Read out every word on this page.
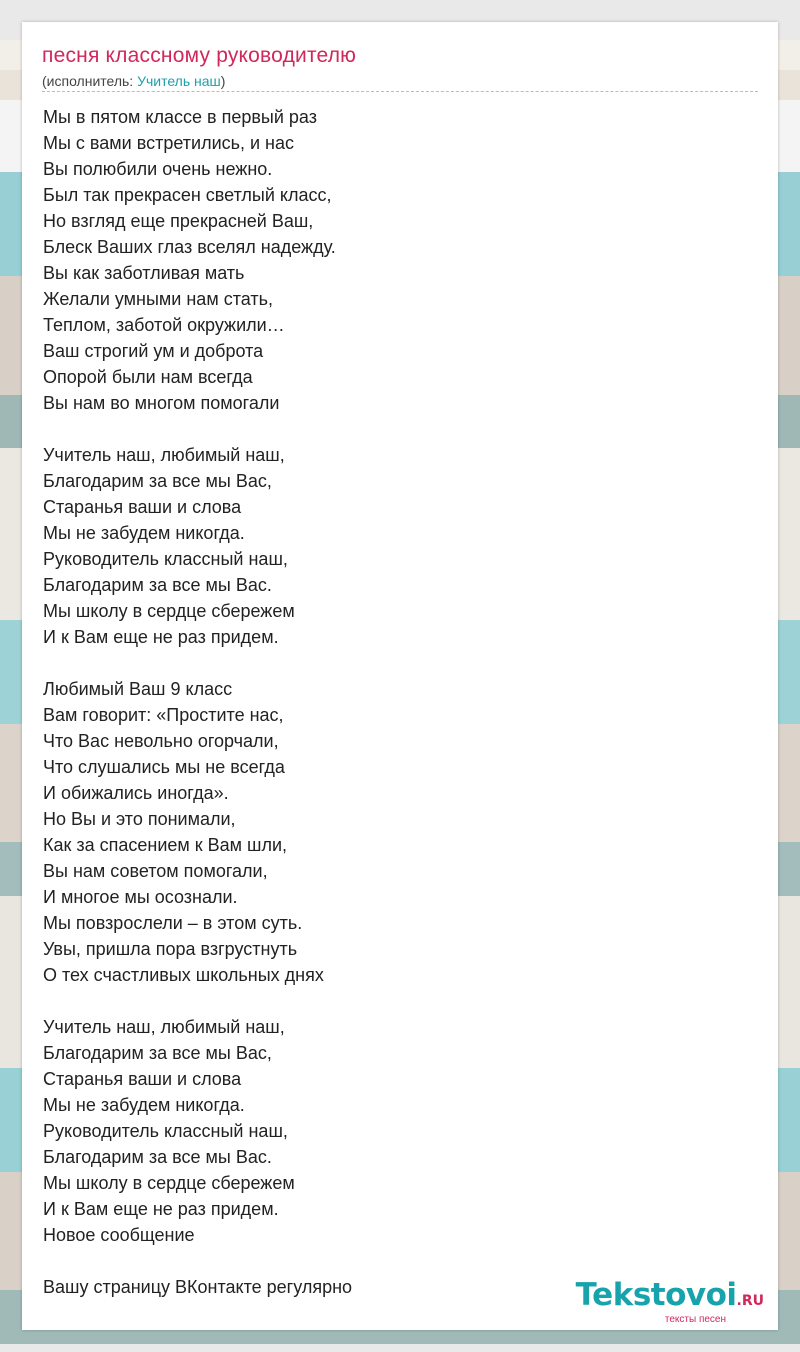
песня классному руководителю
(исполнитель: Учитель наш)
Мы в пятом классе в первый раз
Мы с вами встретились, и нас
Вы полюбили очень нежно.
Был так прекрасен светлый класс,
Но взгляд еще прекрасней Ваш,
Блеск Ваших глаз вселял надежду.
Вы как заботливая мать
Желали умными нам стать,
Теплом, заботой окружили…
Ваш строгий ум и доброта
Опорой были нам всегда
Вы нам во многом помогали
Учитель наш, любимый наш,
Благодарим за все мы Вас,
Старанья ваши и слова
Мы не забудем никогда.
Руководитель классный наш,
Благодарим за все мы Вас.
Мы школу в сердце сбережем
И к Вам еще не раз придем.
Любимый Ваш 9 класс
Вам говорит: «Простите нас,
Что Вас невольно огорчали,
Что слушались мы не всегда
И обижались иногда».
Но Вы и это понимали,
Как за спасением к Вам шли,
Вы нам советом помогали,
И многое мы осознали.
Мы повзрослели – в этом суть.
Увы, пришла пора взгрустнуть
О тех счастливых школьных днях
Учитель наш, любимый наш,
Благодарим за все мы Вас,
Старанья ваши и слова
Мы не забудем никогда.
Руководитель классный наш,
Благодарим за все мы Вас.
Мы школу в сердце сбережем
И к Вам еще не раз придем.
Новое сообщение
Вашу страницу ВКонтакте регулярно	Tekstovoi.RU
тексты песен
